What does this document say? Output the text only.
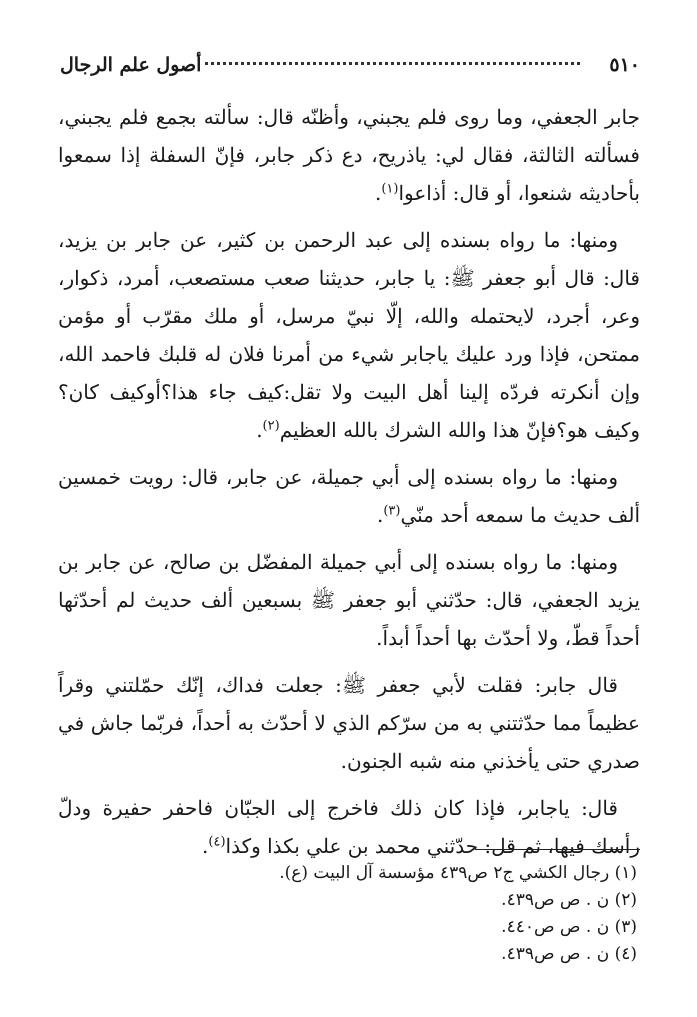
٥١٠
أصول علم الرجال

جابر الجعفي، وما روى فلم يجبني، وأظنّه قال: سألته بجمع فلم يجبني، فسألته الثالثة، فقال لي: ياذريح، دع ذكر جابر، فإنّ السفلة إذا سمعوا بأحاديثه شنعوا، أو قال: أذاعوا$^{(١)}$.

ومنها: ما رواه بسنده إلى عبد الرحمن بن كثير، عن جابر بن يزيد، قال: قال أبو جعفر ﷺ: يا جابر، حديثنا صعب مستصعب، أمرد، ذكوار، وعر، أجرد، لايحتمله والله، إلّا نبيّ مرسل، أو ملك مقرّب أو مؤمن ممتحن، فإذا ورد عليك ياجابر شيء من أمرنا فلان له قلبك فاحمد الله، وإن أنكرته فردّه إلينا أهل البيت ولا تقل:كيف جاء هذا؟أوكيف كان؟وكيف هو؟فإنّ هذا والله الشرك بالله العظيم$^{(٢)}$.

ومنها: ما رواه بسنده إلى أبي جميلة، عن جابر، قال: رويت خمسين ألف حديث ما سمعه أحد منّي$^{(٣)}$.

ومنها: ما رواه بسنده إلى أبي جميلة المفضّل بن صالح، عن جابر بن يزيد الجعفي، قال: حدّثني أبو جعفر ﷺ بسبعين ألف حديث لم أحدّثها أحداً قطّ، ولا أحدّث بها أحداً أبداً.

قال جابر: فقلت لأبي جعفر ﷺ: جعلت فداك، إنّك حمّلتني وقراً عظيماً مما حدّثتني به من سرّكم الذي لا أحدّث به أحداً، فربّما جاش في صدري حتى يأخذني منه شبه الجنون.

قال: ياجابر، فإذا كان ذلك فاخرج إلى الجبّان فاحفر حفيرة ودلّ رأسك فيها، ثم قل: حدّثني محمد بن علي بكذا وكذا$^{(٤)}$.

(١) رجال الكشي ج٢ ص٤٣٩ مؤسسة آل البيت (ع).

(٢) ن . ص ص٤٣٩.

(٣) ن . ص ص٤٤٠.

(٤) ن . ص ص٤٣٩.
